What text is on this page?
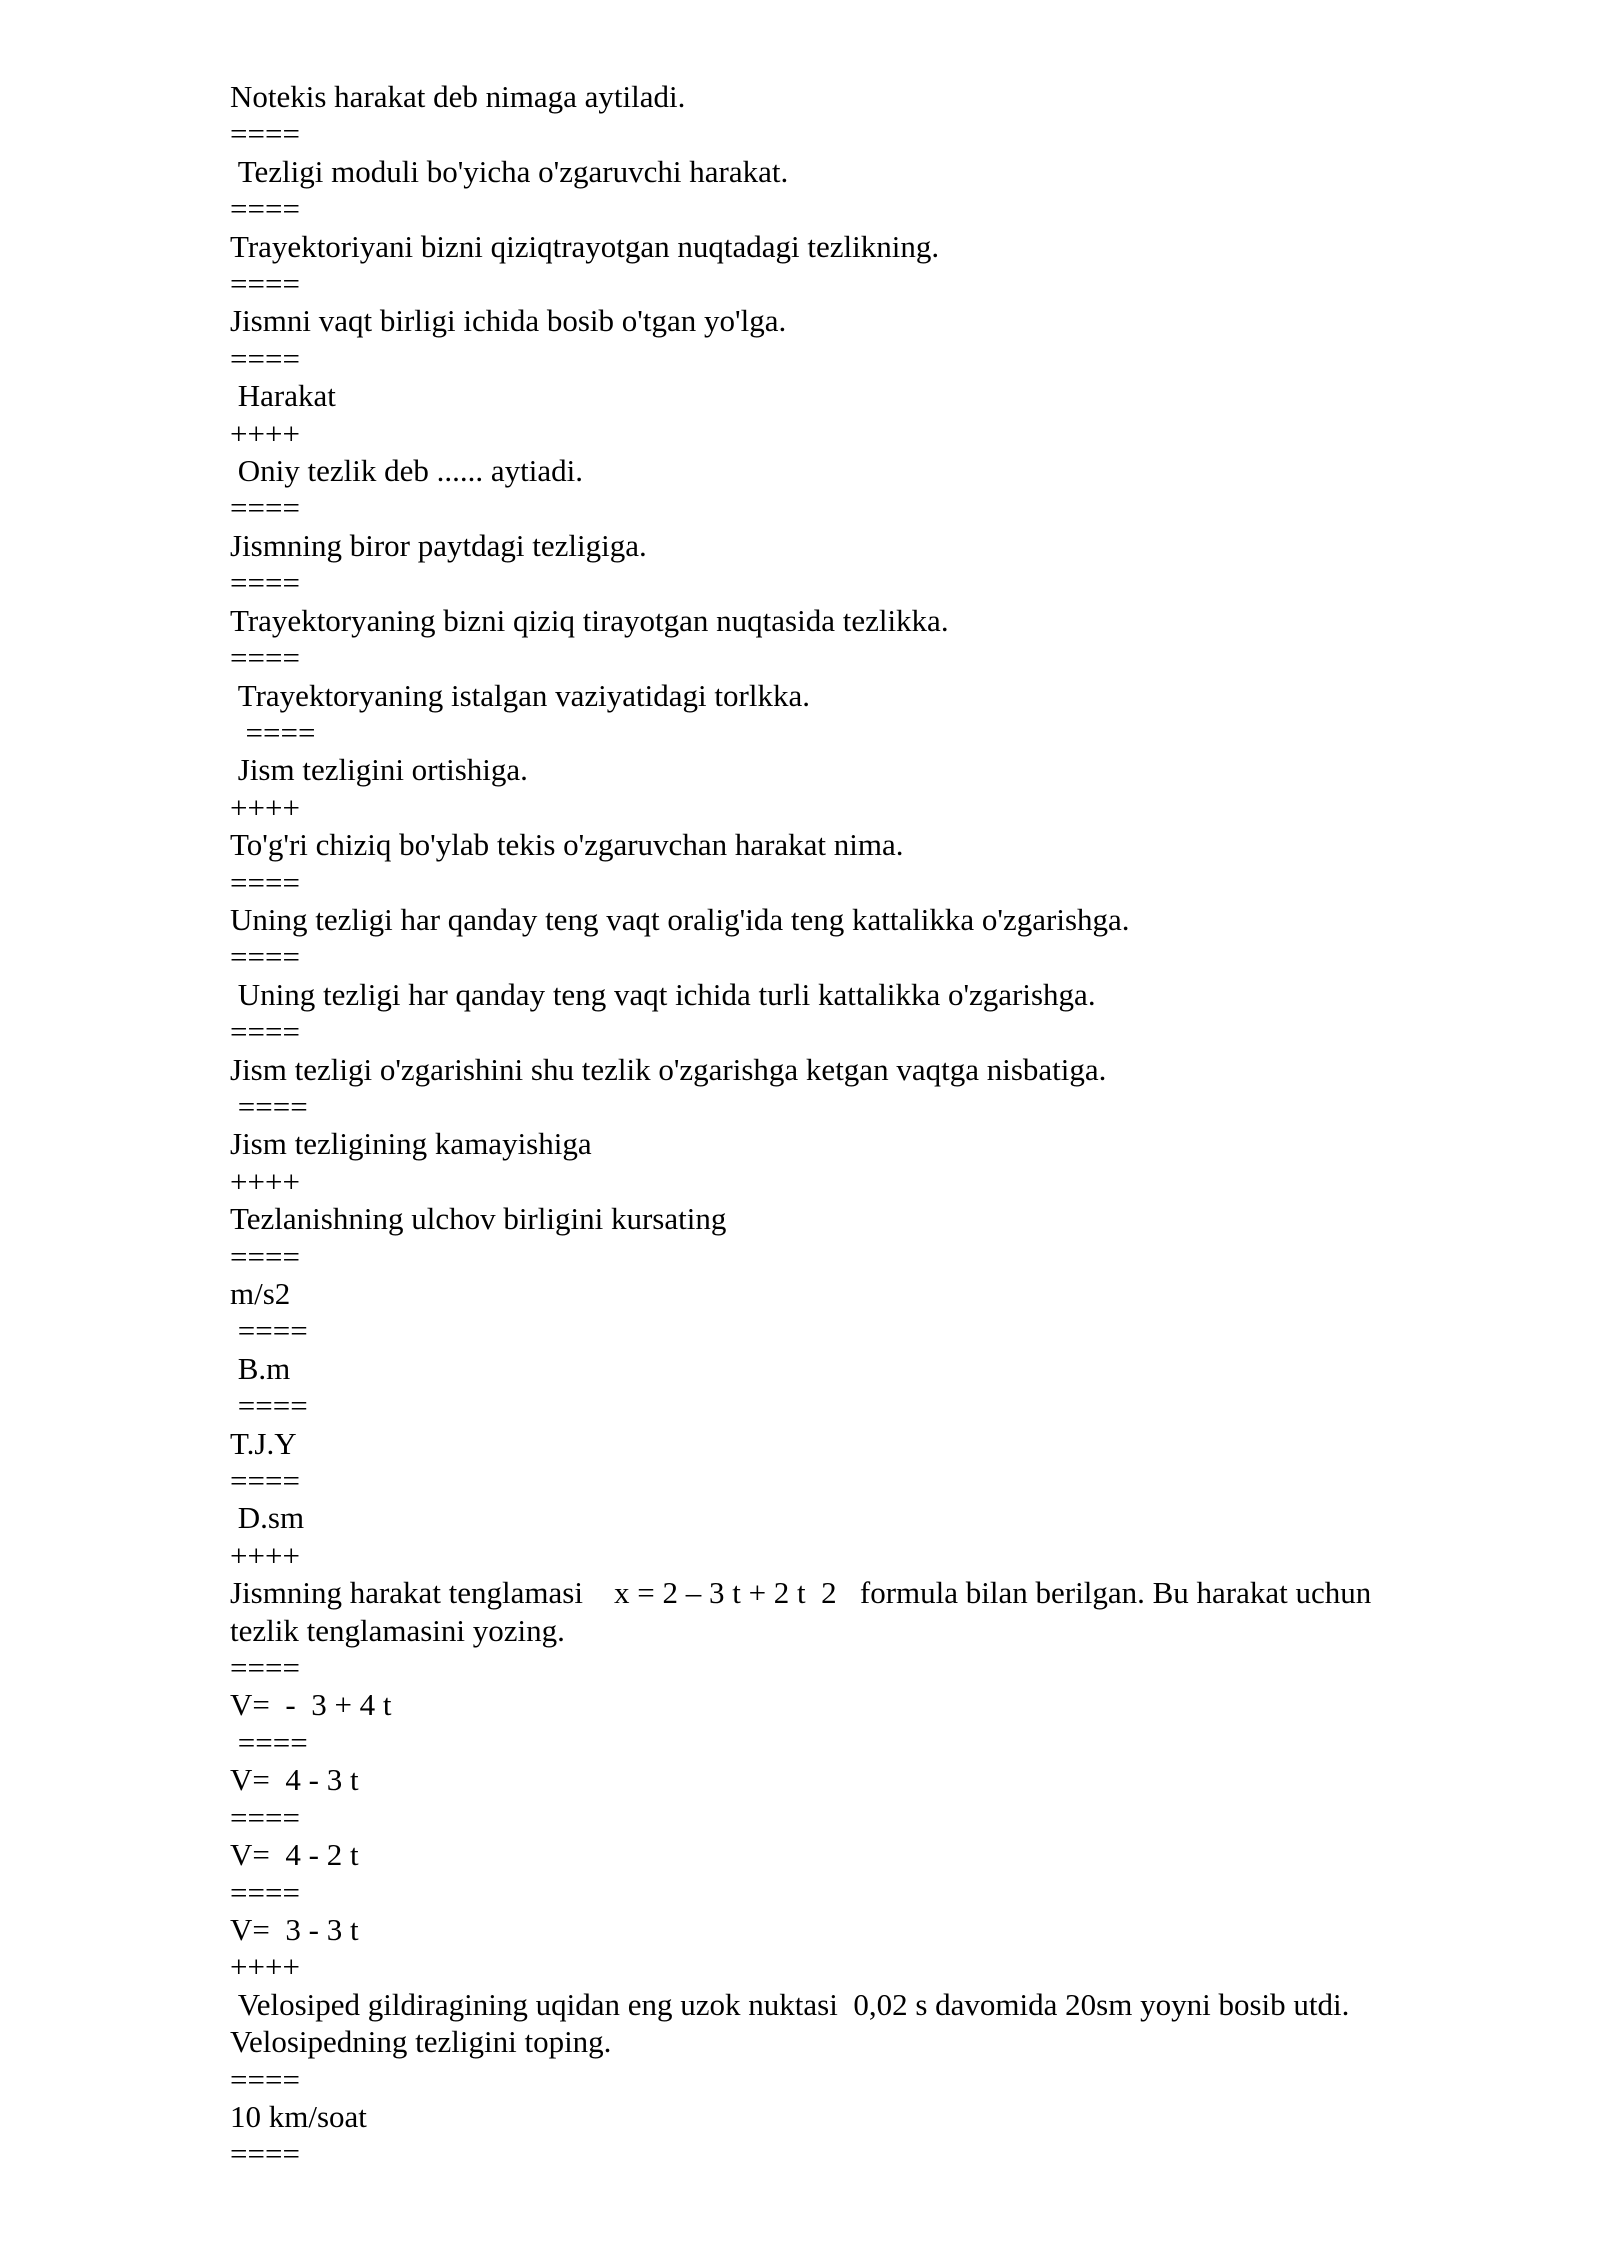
Notekis harakat deb nimaga aytiladi.
====
Tezligi moduli bo'yicha o'zgaruvchi harakat.
====
Trayektoriyani bizni qiziqtrayotgan nuqtadagi tezlikning.
====
Jismni vaqt birligi ichida bosib o'tgan yo'lga.
====
Harakat
++++
Oniy tezlik deb ...... aytiadi.
====
Jismning biror paytdagi tezligiga.
====
Trayektoryaning bizni qiziq tirayotgan nuqtasida tezlikka.
====
Trayektoryaning istalgan vaziyatidagi torlkka.
====
Jism tezligini ortishiga.
++++
To'g'ri chiziq bo'ylab tekis o'zgaruvchan harakat nima.
====
Uning tezligi har qanday teng vaqt oralig'ida teng kattalikka o'zgarishga.
====
Uning tezligi har qanday teng vaqt ichida turli kattalikka o'zgarishga.
====
Jism tezligi o'zgarishini shu tezlik o'zgarishga ketgan vaqtga nisbatiga.
====
Jism tezligining kamayishiga
++++
Tezlanishning ulchov birligini kursating
====
m/s2
====
B.m
====
T.J.Y
====
D.sm
++++
Jismning harakat tenglamasi    x = 2 – 3 t + 2 t  2   formula bilan berilgan. Bu harakat uchun tezlik tenglamasini yozing.
====
V=  -  3 + 4 t
====
V=  4 - 3 t
====
V=  4 - 2 t
====
V=  3 - 3 t
++++
Velosiped gildiragining uqidan eng uzok nuktasi  0,02 s davomida 20sm yoyni bosib utdi. Velosipedning tezligini toping.
====
10 km/soat
====
